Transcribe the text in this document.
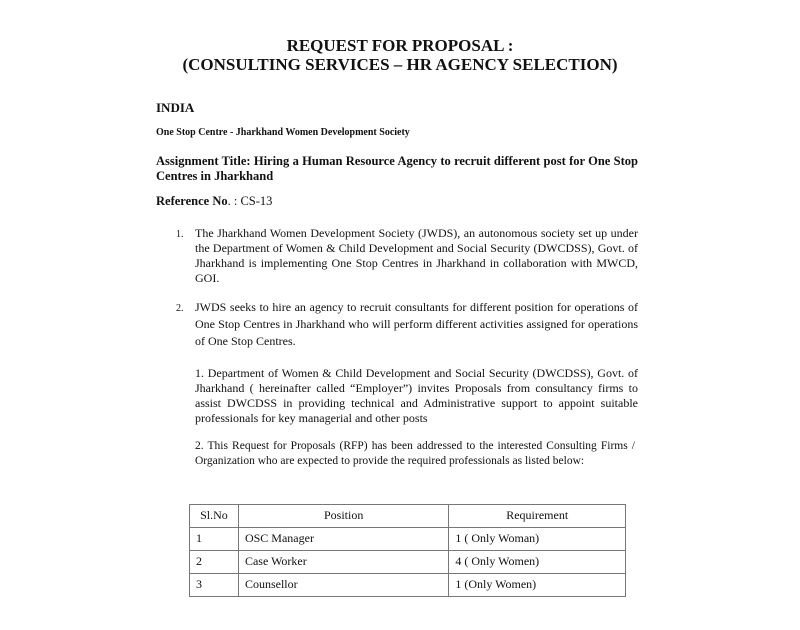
REQUEST FOR PROPOSAL :
(CONSULTING SERVICES – HR AGENCY SELECTION)
INDIA
One Stop Centre - Jharkhand Women Development Society
Assignment Title: Hiring a Human Resource Agency to recruit different post for One Stop Centres in Jharkhand
Reference No. : CS-13
1. The Jharkhand Women Development Society (JWDS), an autonomous society set up under the Department of Women & Child Development and Social Security (DWCDSS), Govt. of Jharkhand is implementing One Stop Centres in Jharkhand in collaboration with MWCD, GOI.
2. JWDS seeks to hire an agency to recruit consultants for different position for operations of One Stop Centres in Jharkhand who will perform different activities assigned for operations of One Stop Centres.
1. Department of Women & Child Development and Social Security (DWCDSS), Govt. of Jharkhand ( hereinafter called “Employer”) invites Proposals from consultancy firms to assist DWCDSS in providing technical and Administrative support to appoint suitable professionals for key managerial and other posts
2. This Request for Proposals (RFP) has been addressed to the interested Consulting Firms / Organization who are expected to provide the required professionals as listed below:
Sl.No	Position	Requirement
1	OSC Manager	1 ( Only Woman)
2	Case Worker	4 ( Only Women)
3	Counsellor	1 (Only Women)
